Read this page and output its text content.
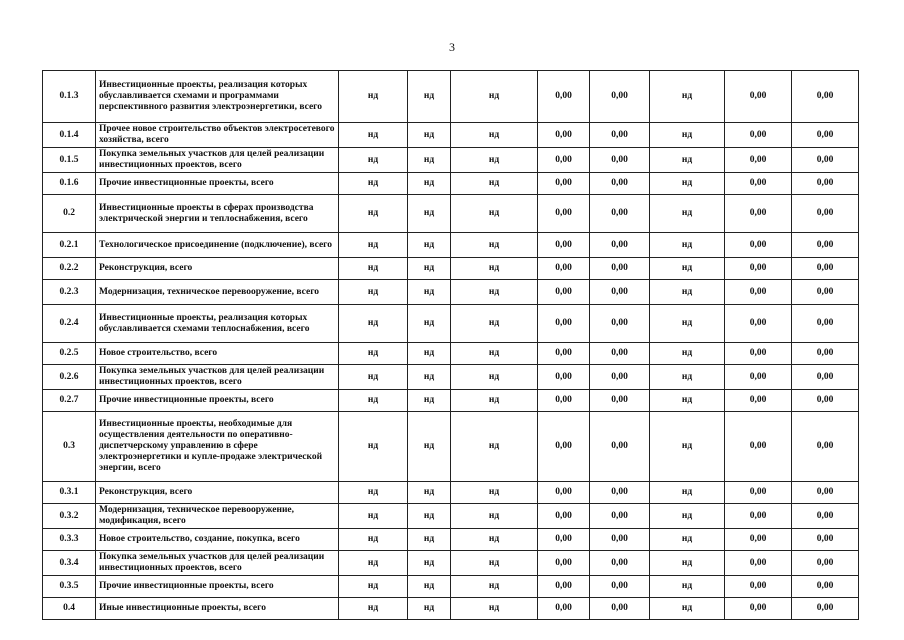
3
0.1.3	Инвестиционные проекты, реализация которых обуславливается схемами и программами перспективного развития электроэнергетики, всего	нд	нд	нд	0,00	0,00	нд	0,00	0,00
0.1.4	Прочее новое строительство объектов электросетевого хозяйства, всего	нд	нд	нд	0,00	0,00	нд	0,00	0,00
0.1.5	Покупка земельных участков для целей реализации инвестиционных проектов, всего	нд	нд	нд	0,00	0,00	нд	0,00	0,00
0.1.6	Прочие инвестиционные проекты, всего	нд	нд	нд	0,00	0,00	нд	0,00	0,00
0.2	Инвестиционные проекты в сферах производства электрической энергии и теплоснабжения, всего	нд	нд	нд	0,00	0,00	нд	0,00	0,00
0.2.1	Технологическое присоединение (подключение), всего	нд	нд	нд	0,00	0,00	нд	0,00	0,00
0.2.2	Реконструкция, всего	нд	нд	нд	0,00	0,00	нд	0,00	0,00
0.2.3	Модернизация, техническое перевооружение, всего	нд	нд	нд	0,00	0,00	нд	0,00	0,00
0.2.4	Инвестиционные проекты, реализация которых обуславливается схемами теплоснабжения, всего	нд	нд	нд	0,00	0,00	нд	0,00	0,00
0.2.5	Новое строительство, всего	нд	нд	нд	0,00	0,00	нд	0,00	0,00
0.2.6	Покупка земельных участков для целей реализации инвестиционных проектов, всего	нд	нд	нд	0,00	0,00	нд	0,00	0,00
0.2.7	Прочие инвестиционные проекты, всего	нд	нд	нд	0,00	0,00	нд	0,00	0,00
0.3	Инвестиционные проекты, необходимые для осуществления деятельности по оперативно-диспетчерскому управлению в сфере электроэнергетики и купле-продаже электрической энергии, всего	нд	нд	нд	0,00	0,00	нд	0,00	0,00
0.3.1	Реконструкция, всего	нд	нд	нд	0,00	0,00	нд	0,00	0,00
0.3.2	Модернизация, техническое перевооружение, модификация, всего	нд	нд	нд	0,00	0,00	нд	0,00	0,00
0.3.3	Новое строительство, создание, покупка, всего	нд	нд	нд	0,00	0,00	нд	0,00	0,00
0.3.4	Покупка земельных участков для целей реализации инвестиционных проектов, всего	нд	нд	нд	0,00	0,00	нд	0,00	0,00
0.3.5	Прочие инвестиционные проекты, всего	нд	нд	нд	0,00	0,00	нд	0,00	0,00
0.4	Иные инвестиционные проекты, всего	нд	нд	нд	0,00	0,00	нд	0,00	0,00
